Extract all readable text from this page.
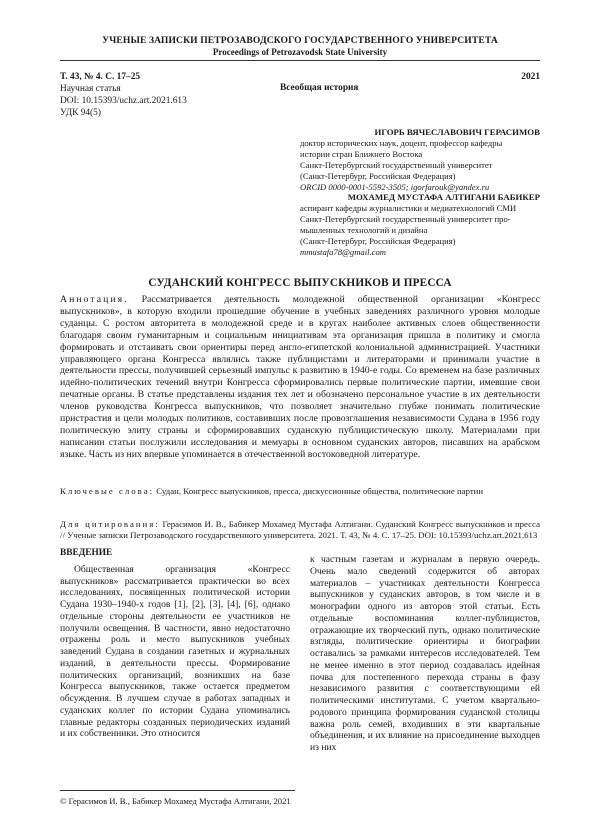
УЧЕНЫЕ ЗАПИСКИ ПЕТРОЗАВОДСКОГО ГОСУДАРСТВЕННОГО УНИВЕРСИТЕТА
Proceedings of Petrozavodsk State University
Т. 43, № 4. С. 17–25
Научная статья
DOI: 10.15393/uchz.art.2021.613
УДК 94(5)
2021
Всеобщая история
ИГОРЬ ВЯЧЕСЛАВОВИЧ ГЕРАСИМОВ
доктор исторических наук, доцент, профессор кафедры
истории стран Ближнего Востока
Санкт-Петербургский государственный университет
(Санкт-Петербург, Российская Федерация)
ORCID 0000-0001-5592-3505; igorfarouk@yandex.ru
МОХАМЕД МУСТАФА АЛТИГАНИ БАБИКЕР
аспирант кафедры журналистики и медиатехнологий СМИ
Санкт-Петербургский государственный университет про-
мышленных технологий и дизайна
(Санкт-Петербург, Российская Федерация)
mmustafa78@gmail.com
СУДАНСКИЙ КОНГРЕСС ВЫПУСКНИКОВ И ПРЕССА

Аннотация. Рассматривается деятельность молодежной общественной организации «Конгресс выпускников», в которую входили прошедшие обучение в учебных заведениях различного уровня молодые суданцы. С ростом авторитета в молодежной среде и в кругах наиболее активных слоев общественности благодаря своим гуманитарным и социальным инициативам эта организация пришла в политику и смогла формировать и отстаивать свои ориентиры перед англо-египетской колониальной администрацией. Участники управляющего органа Конгресса являлись также публицистами и литераторами и принимали участие в деятельности прессы, получившей серьезный импульс к развитию в 1940-е годы. Со временем на базе различных идейно-политических течений внутри Конгресса сформировались первые политические партии, имевшие свои печатные органы. В статье представлены издания тех лет и обозначено персональное участие в их деятельности членов руководства Конгресса выпускников, что позволяет значительно глубже понимать политические пристрастия и цели молодых политиков, составивших после провозглашения независимости Судана в 1956 году политическую элиту страны и сформировавших суданскую публицистическую школу. Материалами при написании статьи послужили исследования и мемуары в основном суданских авторов, писавших на арабском языке. Часть из них впервые упоминается в отечественной востоковедной литературе.

Ключевые слова: Судан, Конгресс выпускников, пресса, дискуссионные общества, политические партии
Для цитирования: Герасимов И. В., Бабикер Мохамед Мустафа Алтигани. Суданский Конгресс выпускников и пресса // Ученые записки Петрозаводского государственного университета. 2021. Т. 43, № 4. С. 17–25. DOI: 10.15393/uchz.art.2021.613
ВВЕДЕНИЕ

Общественная организация «Конгресс выпускников» рассматривается практически во всех исследованиях, посвященных политической истории Судана 1930–1940-х годов [1], [2], [3], [4], [6], однако отдельные стороны деятельности ее участников не получили освещения. В частности, явно недостаточно отражены роль и место выпускников учебных заведений Судана в создании газетных и журнальных изданий, в деятельности прессы. Формирование политических организаций, возникших на базе Конгресса выпускников, также остается предметом обсуждения. В лучшем случае в работах западных и суданских коллег по истории Судана упоминались главные редакторы созданных периодических изданий и их собственники. Это относится

к частным газетам и журналам в первую очередь. Очень мало сведений содержится об авторах материалов – участниках деятельности Конгресса выпускников у суданских авторов, в том числе и в монографии одного из авторов этой статьи. Есть отдельные воспоминания коллег-публицистов, отражающие их творческий путь, однако политические взгляды, политические ориентиры и биографии оставались за рамками интересов исследователей. Тем не менее именно в этот период создавалась идейная почва для постепенного перехода страны в фазу независимого развития с соответствующими ей политическими институтами. С учетом квартально-родового принципа формирования суданской столицы важна роль семей, входивших в эти квартальные объединения, и их влияние на присоединение выходцев из них

© Герасимов И. В., Бабикер Мохамед Мустафа Алтигани, 2021
